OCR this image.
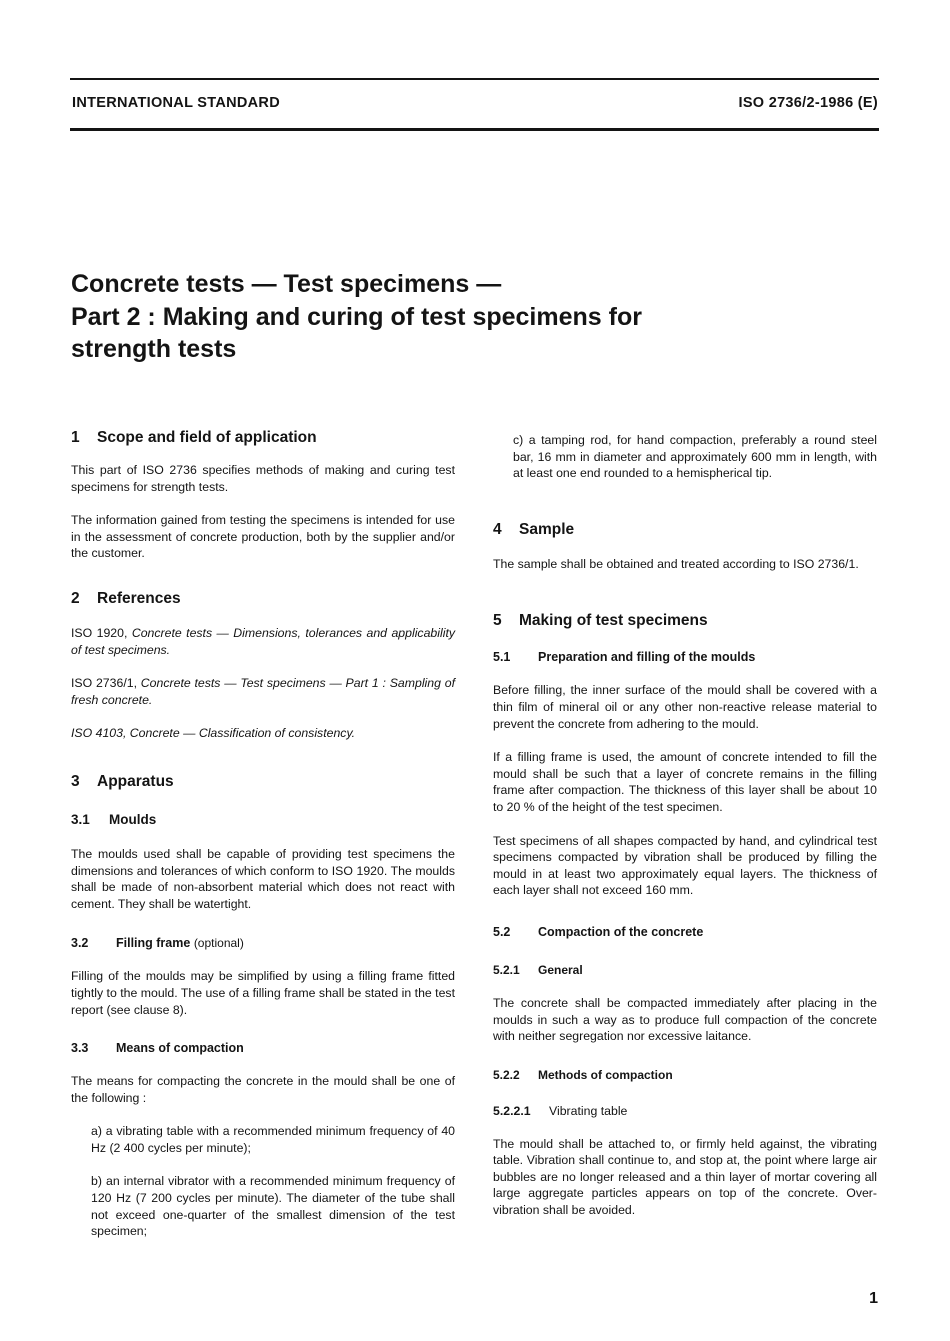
INTERNATIONAL STANDARD	ISO 2736/2-1986 (E)
Concrete tests — Test specimens —
Part 2 : Making and curing of test specimens for
strength tests
1 Scope and field of application

This part of ISO 2736 specifies methods of making and curing test specimens for strength tests.

The information gained from testing the specimens is intended for use in the assessment of concrete production, both by the supplier and/or the customer.

2 References

ISO 1920, Concrete tests — Dimensions, tolerances and applicability of test specimens.

ISO 2736/1, Concrete tests — Test specimens — Part 1 : Sampling of fresh concrete.

ISO 4103, Concrete — Classification of consistency.

3 Apparatus
3.1 Moulds

The moulds used shall be capable of providing test specimens the dimensions and tolerances of which conform to ISO 1920. The moulds shall be made of non-absorbent material which does not react with cement. They shall be watertight.

3.2 Filling frame (optional)

Filling of the moulds may be simplified by using a filling frame fitted tightly to the mould. The use of a filling frame shall be stated in the test report (see clause 8).

3.3 Means of compaction

The means for compacting the concrete in the mould shall be one of the following :

a) a vibrating table with a recommended minimum frequency of 40 Hz (2 400 cycles per minute);

b) an internal vibrator with a recommended minimum frequency of 120 Hz (7 200 cycles per minute). The diameter of the tube shall not exceed one-quarter of the smallest dimension of the test specimen;

c) a tamping rod, for hand compaction, preferably a round steel bar, 16 mm in diameter and approximately 600 mm in length, with at least one end rounded to a hemispherical tip.

4 Sample

The sample shall be obtained and treated according to ISO 2736/1.

5 Making of test specimens
5.1 Preparation and filling of the moulds

Before filling, the inner surface of the mould shall be covered with a thin film of mineral oil or any other non-reactive release material to prevent the concrete from adhering to the mould.

If a filling frame is used, the amount of concrete intended to fill the mould shall be such that a layer of concrete remains in the filling frame after compaction. The thickness of this layer shall be about 10 to 20 % of the height of the test specimen.

Test specimens of all shapes compacted by hand, and cylindrical test specimens compacted by vibration shall be produced by filling the mould in at least two approximately equal layers. The thickness of each layer shall not exceed 160 mm.

5.2 Compaction of the concrete
5.2.1 General

The concrete shall be compacted immediately after placing in the moulds in such a way as to produce full compaction of the concrete with neither segregation nor excessive laitance.

5.2.2 Methods of compaction
5.2.2.1 Vibrating table

The mould shall be attached to, or firmly held against, the vibrating table. Vibration shall continue to, and stop at, the point where large air bubbles are no longer released and a thin layer of mortar covering all large aggregate particles appears on top of the concrete. Over-vibration shall be avoided.

1
